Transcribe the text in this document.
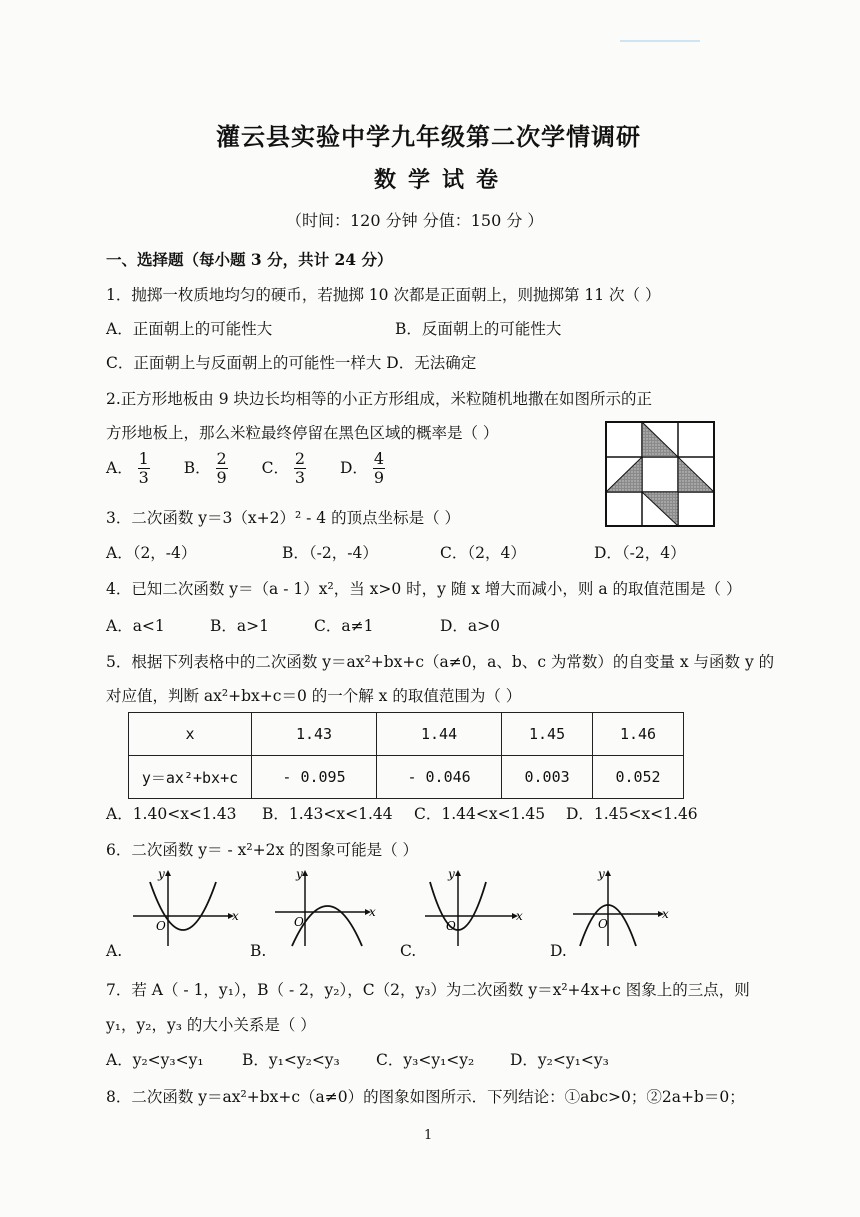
灌云县实验中学九年级第二次学情调研
数学试卷
（时间：120 分钟 分值：150 分 ）
一、选择题（每小题 3 分，共计 24 分）
1．抛掷一枚质地均匀的硬币，若抛掷 10 次都是正面朝上，则抛掷第 11 次（ ）
A．正面朝上的可能性大	B．反面朝上的可能性大
C．正面朝上与反面朝上的可能性一样大 D．无法确定
2.正方形地板由 9 块边长均相等的小正方形组成，米粒随机地撒在如图所示的正
方形地板上，那么米粒最终停留在黑色区域的概率是（ ）
A． $\frac{1}{3}$ B． $\frac{2}{9}$ C． $\frac{2}{3}$ D． $\frac{4}{9}$
3．二次函数 y＝3（x+2）² - 4 的顶点坐标是（ ）
A．（2，-4）	B．（-2，-4）	C．（2，4）	D．（-2，4）
4．已知二次函数 y＝（a - 1）x²，当 x>0 时，y 随 x 增大而减小，则 a 的取值范围是（ ）
A．a<1	B．a>1	C．a≠1	D．a>0
5．根据下列表格中的二次函数 y＝ax²+bx+c（a≠0，a、b、c 为常数）的自变量 x 与函数 y 的
对应值，判断 ax²+bx+c＝0 的一个解 x 的取值范围为（ ）
x	1.43	1.44	1.45	1.46
y＝ax²+bx+c	- 0.095	- 0.046	0.003	0.052
A．1.40<x<1.43 B．1.43<x<1.44 C．1.44<x<1.45 D．1.45<x<1.46
6．二次函数 y＝ - x²+2x 的图象可能是（ ）
x
y
O
A.
x
y
O
B.
x
y
O
C.
x
y
O
D.
7．若 A（ - 1，y₁），B（ - 2，y₂），C（2，y₃）为二次函数 y＝x²+4x+c 图象上的三点，则
y₁，y₂，y₃ 的大小关系是（ ）
A．y₂<y₃<y₁ B．y₁<y₂<y₃ C．y₃<y₁<y₂ D．y₂<y₁<y₃
8．二次函数 y＝ax²+bx+c（a≠0）的图象如图所示．下列结论：①abc>0；②2a+b＝0；
1
